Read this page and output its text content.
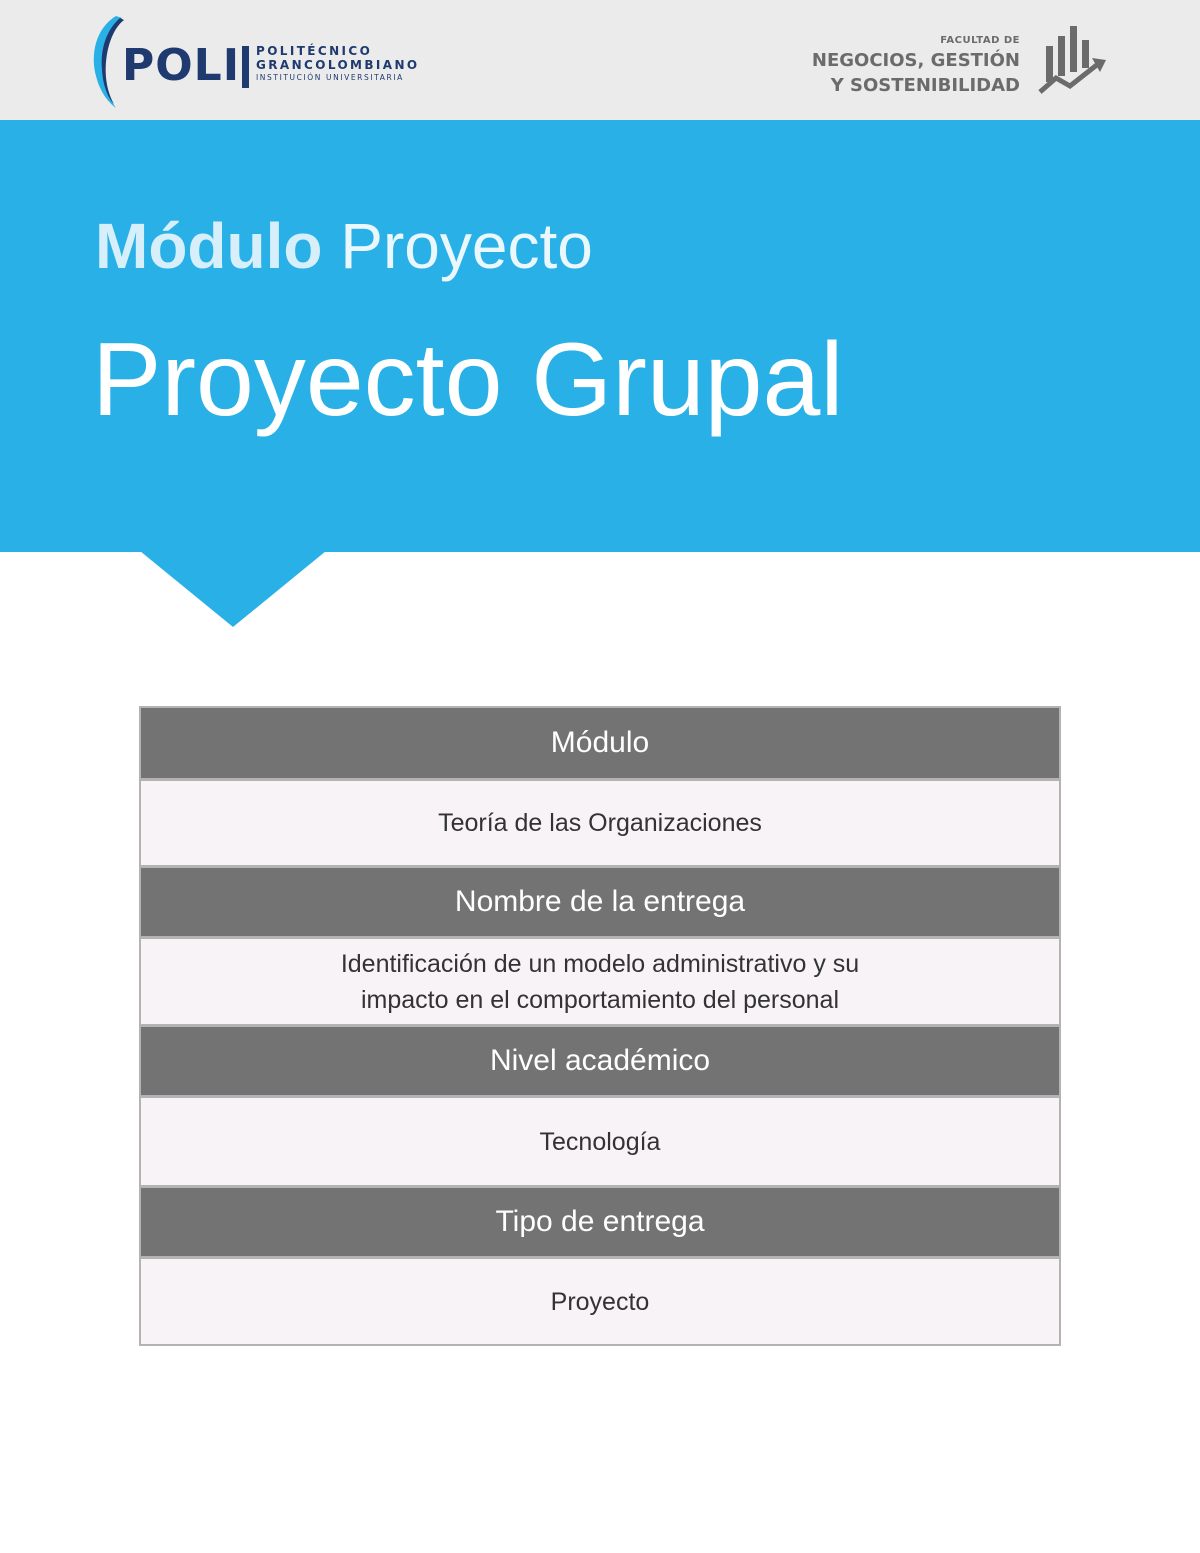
POLI POLITÉCNICO
GRANCOLOMBIANO
INSTITUCIÓN UNIVERSITARIA
FACULTAD DE
NEGOCIOS, GESTIÓN
Y SOSTENIBILIDAD
Módulo Proyecto
Proyecto Grupal
Módulo
Teoría de las Organizaciones
Nombre de la entrega
Identificación de un modelo administrativo y su impacto en el comportamiento del personal
Nivel académico
Tecnología
Tipo de entrega
Proyecto
